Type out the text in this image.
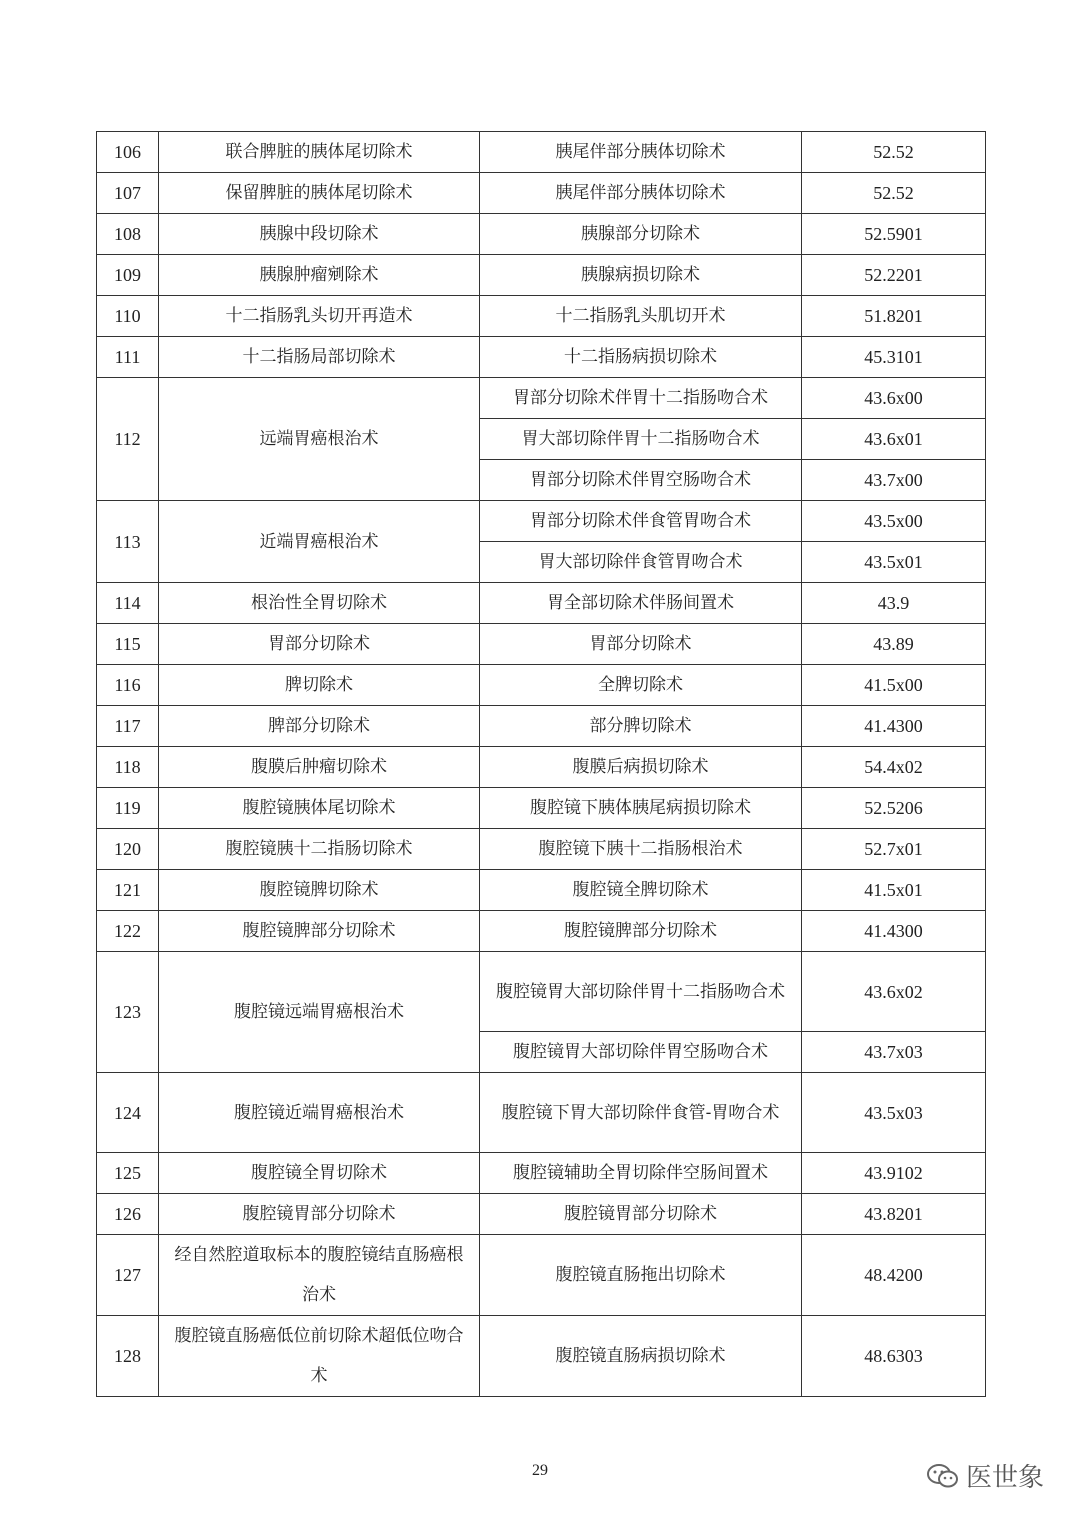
106	联合脾脏的胰体尾切除术	胰尾伴部分胰体切除术	52.52
107	保留脾脏的胰体尾切除术	胰尾伴部分胰体切除术	52.52
108	胰腺中段切除术	胰腺部分切除术	52.5901
109	胰腺肿瘤剜除术	胰腺病损切除术	52.2201
110	十二指肠乳头切开再造术	十二指肠乳头肌切开术	51.8201
111	十二指肠局部切除术	十二指肠病损切除术	45.3101
112	远端胃癌根治术	胃部分切除术伴胃十二指肠吻合术	43.6x00
		胃大部切除伴胃十二指肠吻合术	43.6x01
		胃部分切除术伴胃空肠吻合术	43.7x00
113	近端胃癌根治术	胃部分切除术伴食管胃吻合术	43.5x00
		胃大部切除伴食管胃吻合术	43.5x01
114	根治性全胃切除术	胃全部切除术伴肠间置术	43.9
115	胃部分切除术	胃部分切除术	43.89
116	脾切除术	全脾切除术	41.5x00
117	脾部分切除术	部分脾切除术	41.4300
118	腹膜后肿瘤切除术	腹膜后病损切除术	54.4x02
119	腹腔镜胰体尾切除术	腹腔镜下胰体胰尾病损切除术	52.5206
120	腹腔镜胰十二指肠切除术	腹腔镜下胰十二指肠根治术	52.7x01
121	腹腔镜脾切除术	腹腔镜全脾切除术	41.5x01
122	腹腔镜脾部分切除术	腹腔镜脾部分切除术	41.4300
123	腹腔镜远端胃癌根治术	腹腔镜胃大部切除伴胃十二指肠吻合术	43.6x02
		腹腔镜胃大部切除伴胃空肠吻合术	43.7x03
124	腹腔镜近端胃癌根治术	腹腔镜下胃大部切除伴食管-胃吻合术	43.5x03
125	腹腔镜全胃切除术	腹腔镜辅助全胃切除伴空肠间置术	43.9102
126	腹腔镜胃部分切除术	腹腔镜胃部分切除术	43.8201
127	经自然腔道取标本的腹腔镜结直肠癌根治术	腹腔镜直肠拖出切除术	48.4200
128	腹腔镜直肠癌低位前切除术超低位吻合术	腹腔镜直肠病损切除术	48.6303
29	医世象
